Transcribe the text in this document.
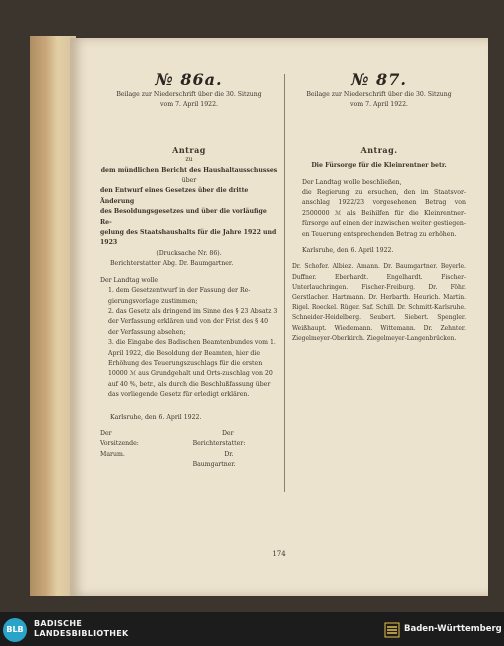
№ 86a.
Beilage zur Niederschrift über die 30. Sitzung
vom 7. April 1922.
Antrag
zu
dem mündlichen Bericht des Haushaltausschusses
über
den Entwurf eines Gesetzes über die dritte Änderung
des Besoldungsgesetzes und über die vorläufige Re-
gelung des Staatshaushalts für die Jahre 1922 und 1923
(Drucksache Nr. 86).
Berichterstatter Abg. Dr. Baumgartner.
Der Landtag wolle
1. dem Gesetzentwurf in der Fassung der Re-gierungsvorlage zustimmen;
2. das Gesetz als dringend im Sinne des § 23 Absatz 3 der Verfassung erklären und von der Frist des § 40 der Verfassung absehen;
3. die Eingabe des Badischen Beamtenbundes vom 1. April 1922, die Besoldung der Beamten, hier die Erhöhung des Teuerungszuschlags für die ersten 10000 ℳ aus Grundgehalt und Orts-zuschlag von 20 auf 40 %, betr., als durch die Beschlußfassung über das vorliegende Gesetz für erledigt erklären.
Karlsruhe, den 6. April 1922.
Der Vorsitzende:
Marum.
Der Berichterstatter:
Dr. Baumgartner.
№ 87.
Beilage zur Niederschrift über die 30. Sitzung
vom 7. April 1922.
Antrag.
Die Fürsorge für die Kleinrentner betr.
Der Landtag wolle beschließen,
die Regierung zu ersuchen, den im Staatsvor-anschlag 1922/23 vorgesehenen Betrag von 2500000 ℳ als Beihilfen für die Kleinrentner-fürsorge auf einen der inzwischen weiter gestiegen-en Teuerung entsprechenden Betrag zu erhöhen.
Karlsruhe, den 6. April 1922.
Dr. Schofer. Albiez. Amann. Dr. Baumgartner. Beyerle. Duffner. Eberhardt. Engelhardt. Fischer-Unterlauchringen. Fischer-Freiburg. Dr. Föhr. Gerstlacher. Hartmann. Dr. Herbarth. Heurich. Martin. Rigel. Roeckel. Rüger. Saf. Schill. Dr. Schmitt-Karlsruhe. Schneider-Heidelberg. Seubert. Siebert. Spengler. Weißhaupt. Wiedemann. Wittemann. Dr. Zehnter. Ziegelmeyer-Oberkirch. Ziegelmeyer-Langenbrücken.
174
BLB
BADISCHE
LANDESBIBLIOTHEK	Baden-Württemberg
